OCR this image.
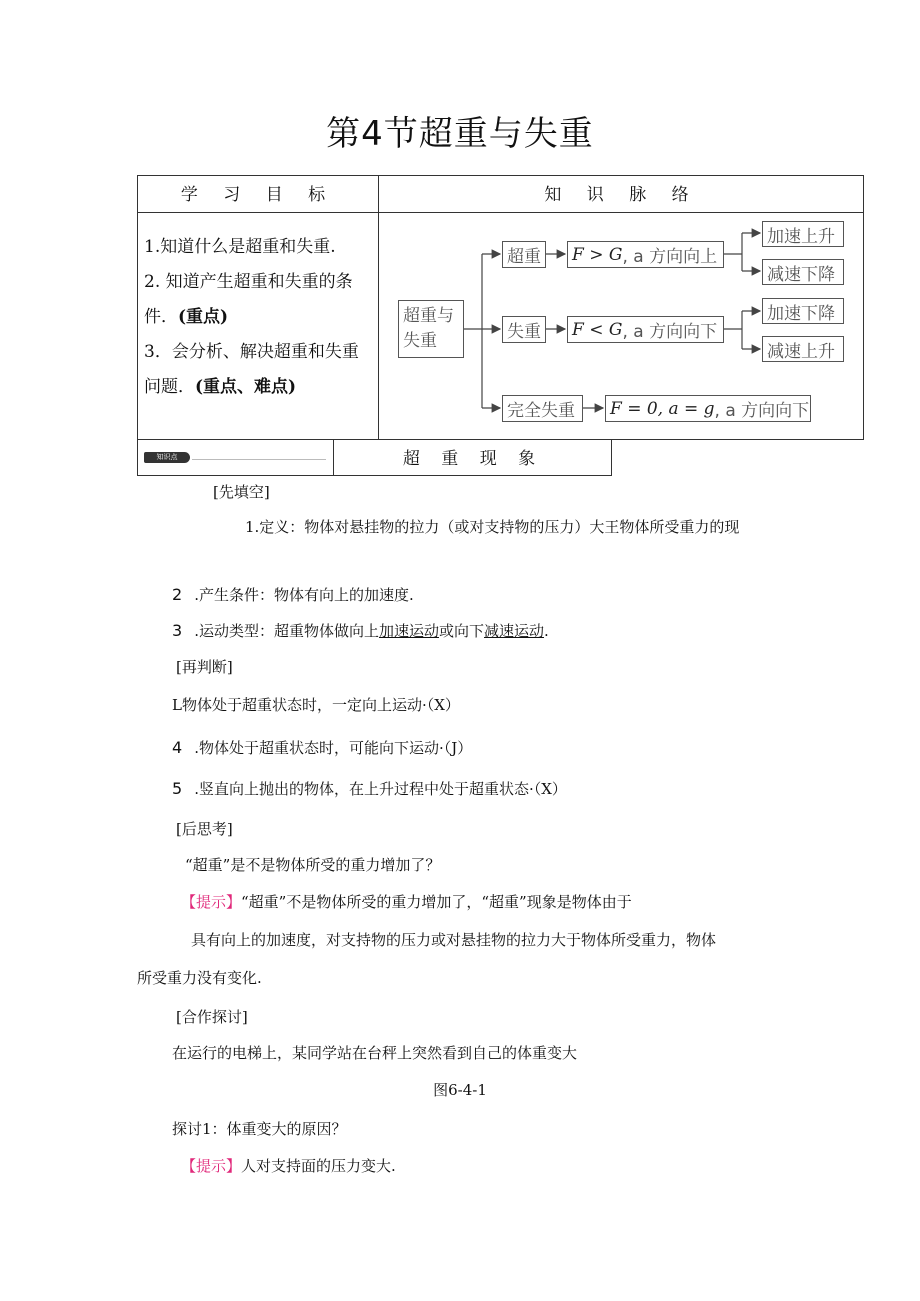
第4节超重与失重
学 习 目 标	知 识 脉 络
1.知道什么是超重和失重.
2. 知道产生超重和失重的条
件．(重点)
3．会分析、解决超重和失重
问题．(重点、难点)
超重与
失重
超重
失重
完全失重
F > G , a 方向向上
F < G , a 方向向下
F = 0, a = g , a 方向向下
加速上升
减速下降
加速下降
减速上升
知识点	超 重 现 象
[先填空]
1.定义：物体对悬挂物的拉力（或对支持物的压力）大王物体所受重力的现
2 .产生条件：物体有向上的加速度.
3 .运动类型：超重物体做向上加速运动或向下减速运动.
[再判断]
L物体处于超重状态时，一定向上运动·（X）
4 .物体处于超重状态时，可能向下运动·（J）
5 .竖直向上抛出的物体，在上升过程中处于超重状态·（X）
[后思考]
“超重”是不是物体所受的重力增加了？
【提示】“超重”不是物体所受的重力增加了，“超重”现象是物体由于
具有向上的加速度，对支持物的压力或对悬挂物的拉力大于物体所受重力，物体
所受重力没有变化.
[合作探讨]
在运行的电梯上，某同学站在台秤上突然看到自己的体重变大
图6-4-1
探讨1：体重变大的原因？
【提示】人对支持面的压力变大.
